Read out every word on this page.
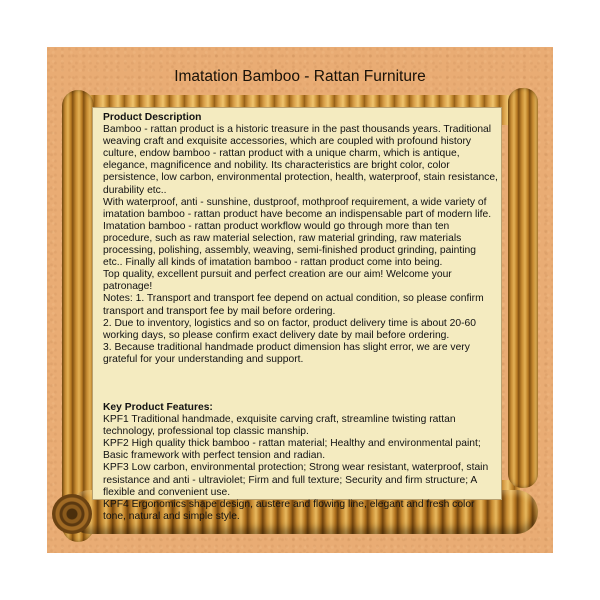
Imatation Bamboo - Rattan Furniture

Product Description

Bamboo - rattan product is a historic treasure in the past thousands years. Traditional weaving craft and exquisite accessories, which are coupled with profound history culture, endow bamboo - rattan product with a unique charm, which is antique, elegance, magnificence and nobility. Its characteristics are bright color, color persistence, low carbon, environmental protection, health, waterproof, stain resistance, durability etc..

With waterproof, anti - sunshine, dustproof, mothproof requirement, a wide variety of imatation bamboo - rattan product have become an indispensable part of modern life. Imatation bamboo - rattan product workflow would go through more than ten procedure, such as raw material selection, raw material grinding, raw materials processing, polishing, assembly, weaving, semi-finished product grinding, painting etc.. Finally all kinds of imatation bamboo - rattan product come into being.

Top quality, excellent pursuit and perfect creation are our aim! Welcome your patronage!

Notes: 1. Transport and transport fee depend on actual condition, so please confirm transport and transport fee by mail before ordering.

2. Due to inventory, logistics and so on factor, product delivery time is about 20-60 working days, so please confirm exact delivery date by mail before ordering.

3. Because traditional handmade product dimension has slight error, we are very grateful for your understanding and support.

Key Product Features:

KPF1 Traditional handmade, exquisite carving craft, streamline twisting rattan technology, professional top classic manship.

KPF2 High quality thick bamboo - rattan material; Healthy and environmental paint; Basic framework with perfect tension and radian.

KPF3 Low carbon, environmental protection; Strong wear resistant, waterproof, stain resistance and anti - ultraviolet; Firm and full texture; Security and firm structure; A flexible and convenient use.

KPF4 Ergonomics shape design, austere and flowing line, elegant and fresh color tone, natural and simple style.
